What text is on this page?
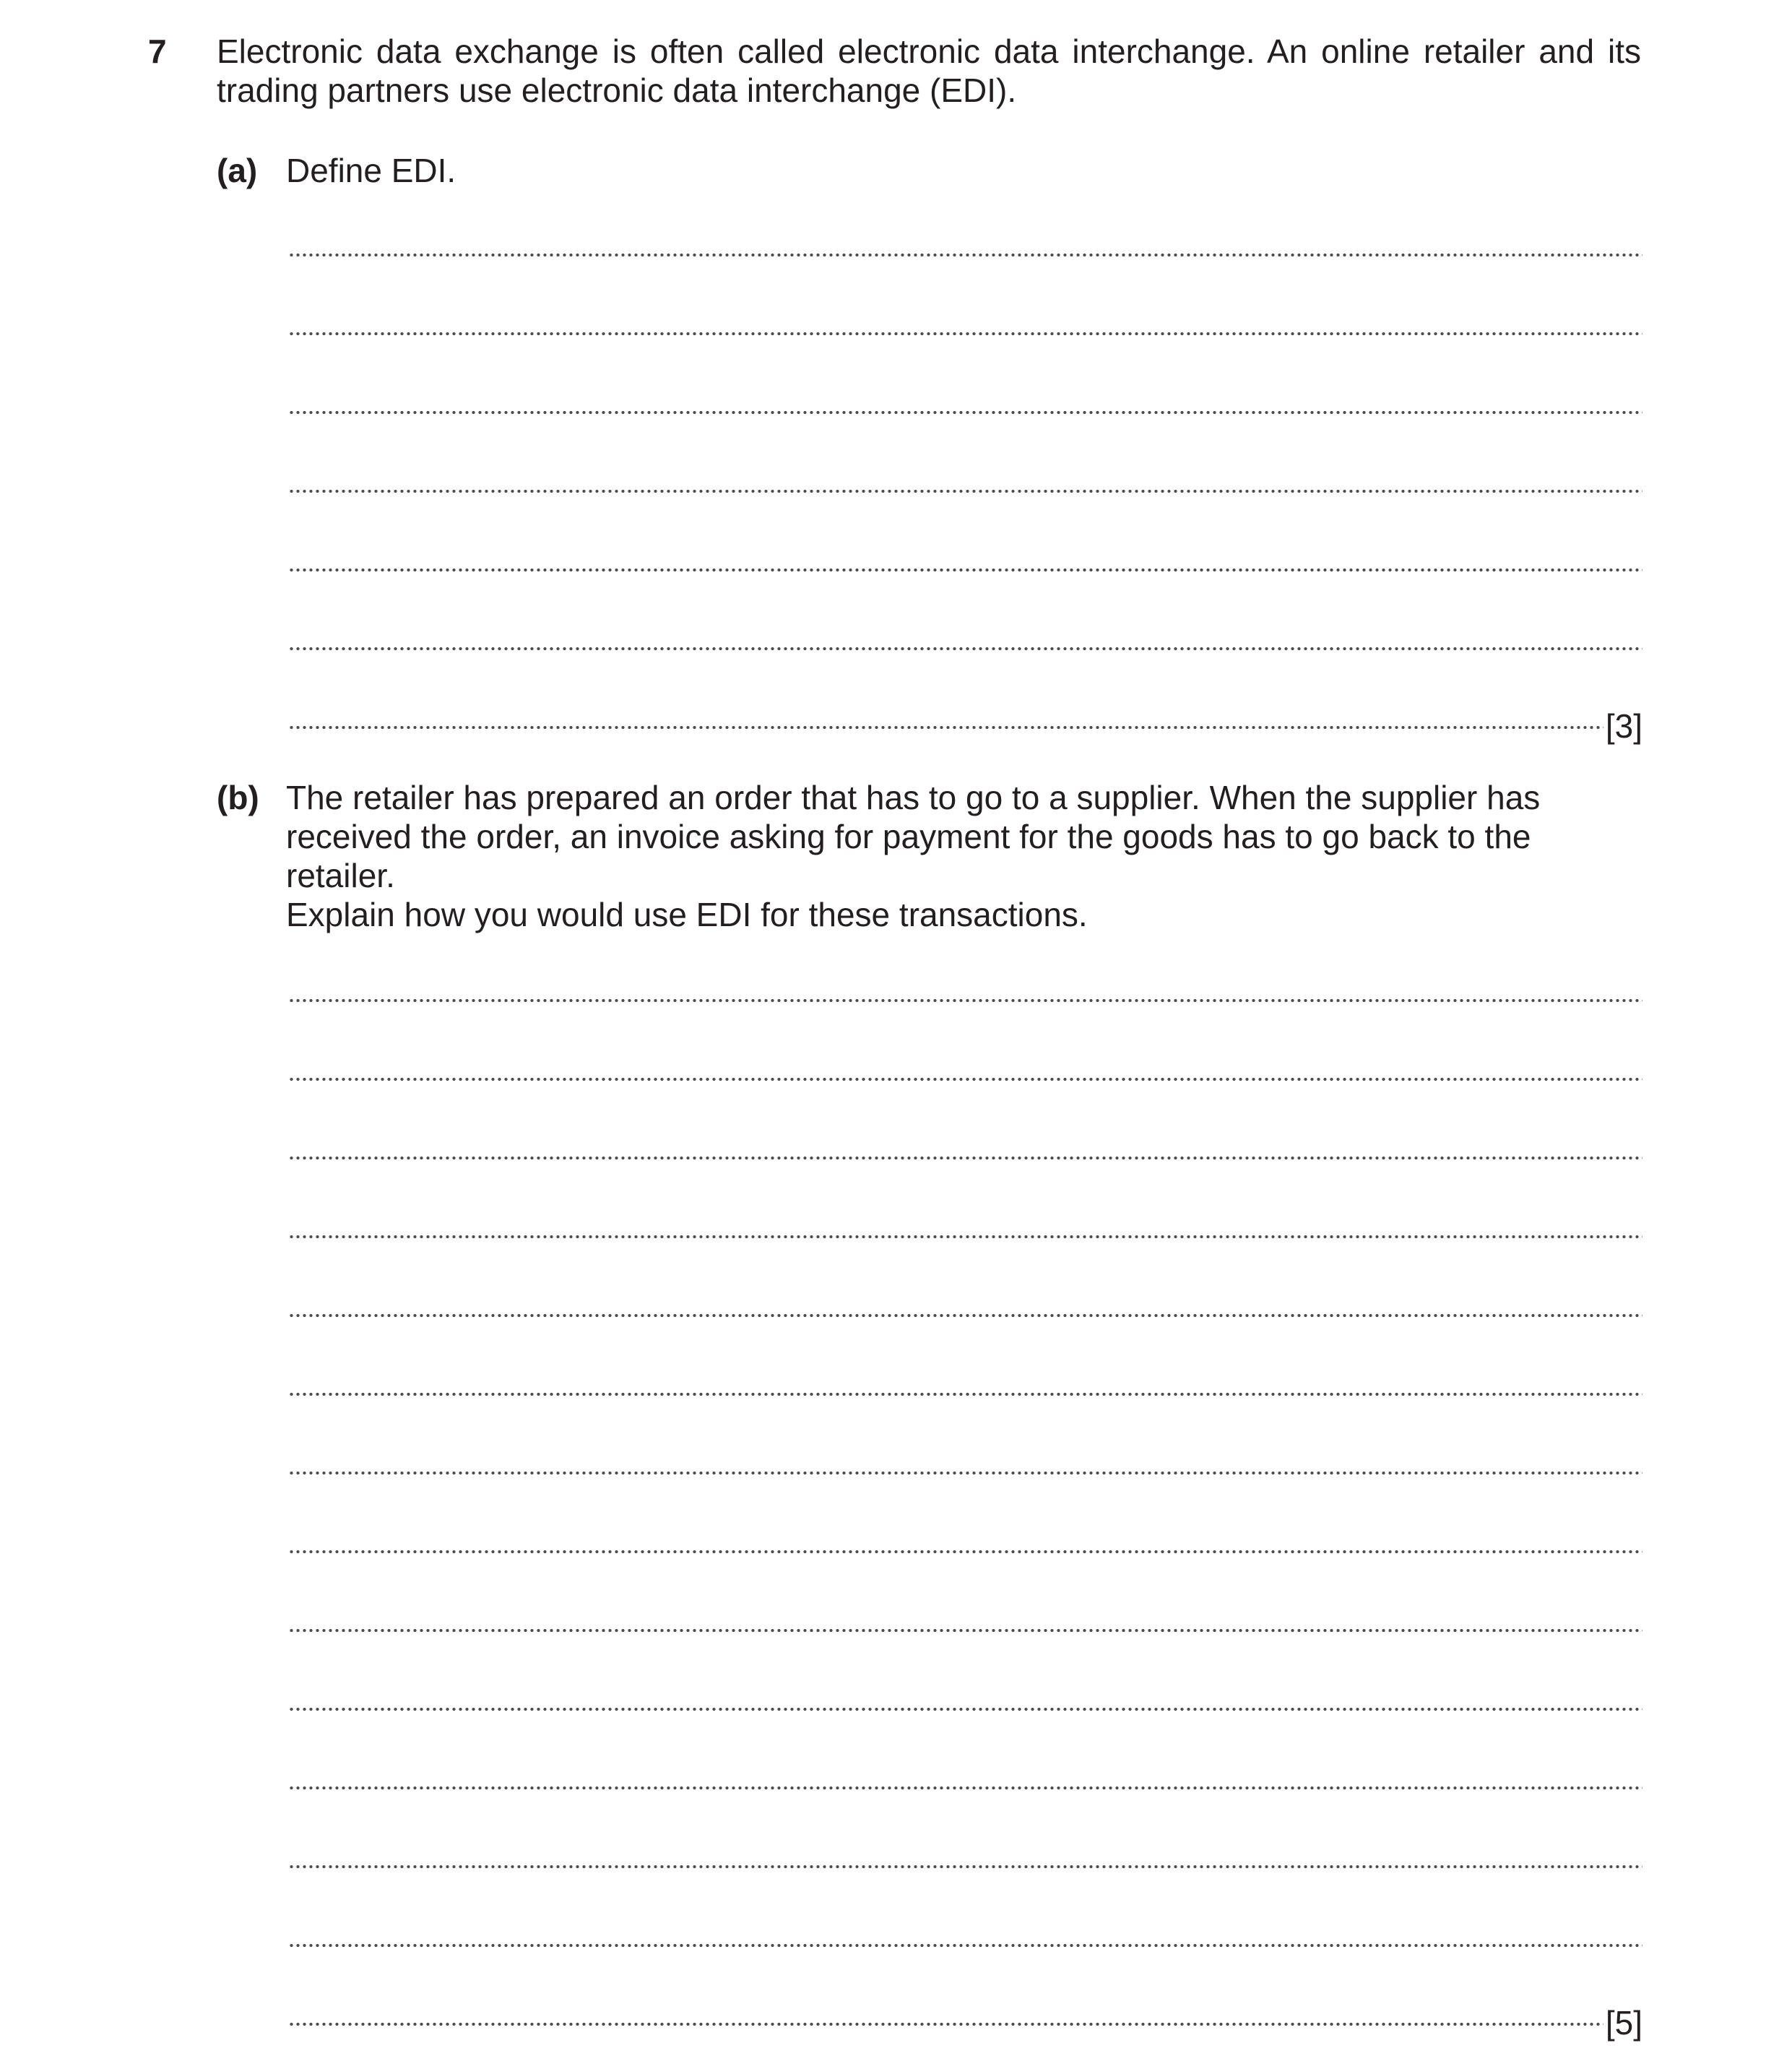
7 Electronic data exchange is often called electronic data interchange. An online retailer and its trading partners use electronic data interchange (EDI).
(a) Define EDI.
[3]
(b) The retailer has prepared an order that has to go to a supplier. When the supplier has received the order, an invoice asking for payment for the goods has to go back to the retailer.
Explain how you would use EDI for these transactions.
[5]
